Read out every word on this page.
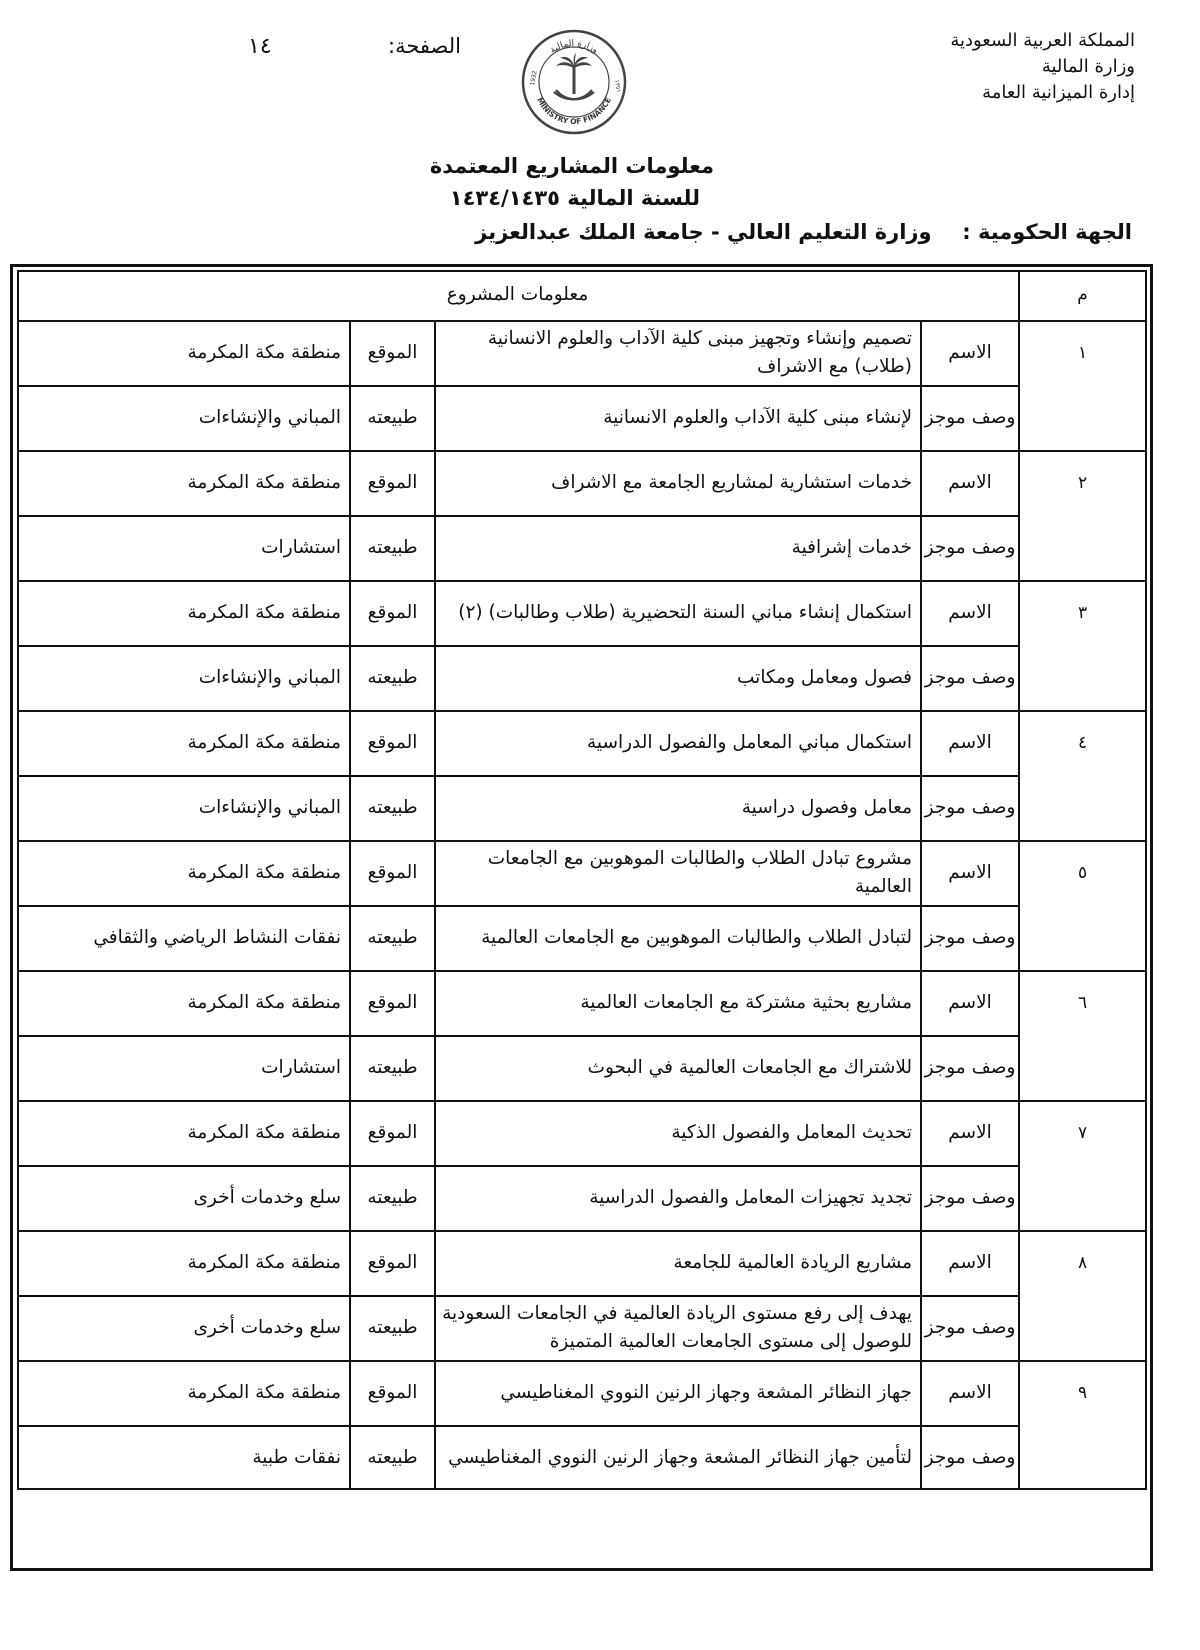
المملكة العربية السعودية
وزارة المالية
إدارة الميزانية العامة
الصفحة:
١٤	وزارة المالية
MINISTRY OF FINANCE
1932	١٣٥١
معلومات المشاريع المعتمدة
للسنة المالية ١٤٣٤/١٤٣٥
الجهة الحكومية : وزارة التعليم العالي - جامعة الملك عبدالعزيز
م
معلومات المشروع
١
الاسم
تصميم وإنشاء وتجهيز مبنى كلية الآداب والعلوم الانسانية (طلاب) مع الاشراف
الموقع
منطقة مكة المكرمة
وصف موجز
لإنشاء مبنى كلية الآداب والعلوم الانسانية
طبيعته
المباني والإنشاءات
٢
الاسم
خدمات استشارية لمشاريع الجامعة مع الاشراف
الموقع
منطقة مكة المكرمة
وصف موجز
خدمات إشرافية
طبيعته
استشارات
٣
الاسم
استكمال إنشاء مباني السنة التحضيرية (طلاب وطالبات) (٢)
الموقع
منطقة مكة المكرمة
وصف موجز
فصول ومعامل ومكاتب
طبيعته
المباني والإنشاءات
٤
الاسم
استكمال مباني المعامل والفصول الدراسية
الموقع
منطقة مكة المكرمة
وصف موجز
معامل وفصول دراسية
طبيعته
المباني والإنشاءات
٥
الاسم
مشروع تبادل الطلاب والطالبات الموهوبين مع الجامعات العالمية
الموقع
منطقة مكة المكرمة
وصف موجز
لتبادل الطلاب والطالبات الموهوبين مع الجامعات العالمية
طبيعته
نفقات النشاط الرياضي والثقافي
٦
الاسم
مشاريع بحثية مشتركة مع الجامعات العالمية
الموقع
منطقة مكة المكرمة
وصف موجز
للاشتراك مع الجامعات العالمية في البحوث
طبيعته
استشارات
٧
الاسم
تحديث المعامل والفصول الذكية
الموقع
منطقة مكة المكرمة
وصف موجز
تجديد تجهيزات المعامل والفصول الدراسية
طبيعته
سلع وخدمات أخرى
٨
الاسم
مشاريع الريادة العالمية للجامعة
الموقع
منطقة مكة المكرمة
وصف موجز
يهدف إلى رفع مستوى الريادة العالمية في الجامعات السعودية للوصول إلى مستوى الجامعات العالمية المتميزة
طبيعته
سلع وخدمات أخرى
٩
الاسم
جهاز النظائر المشعة وجهاز الرنين النووي المغناطيسي
الموقع
منطقة مكة المكرمة
وصف موجز
لتأمين جهاز النظائر المشعة وجهاز الرنين النووي المغناطيسي
طبيعته
نفقات طبية
